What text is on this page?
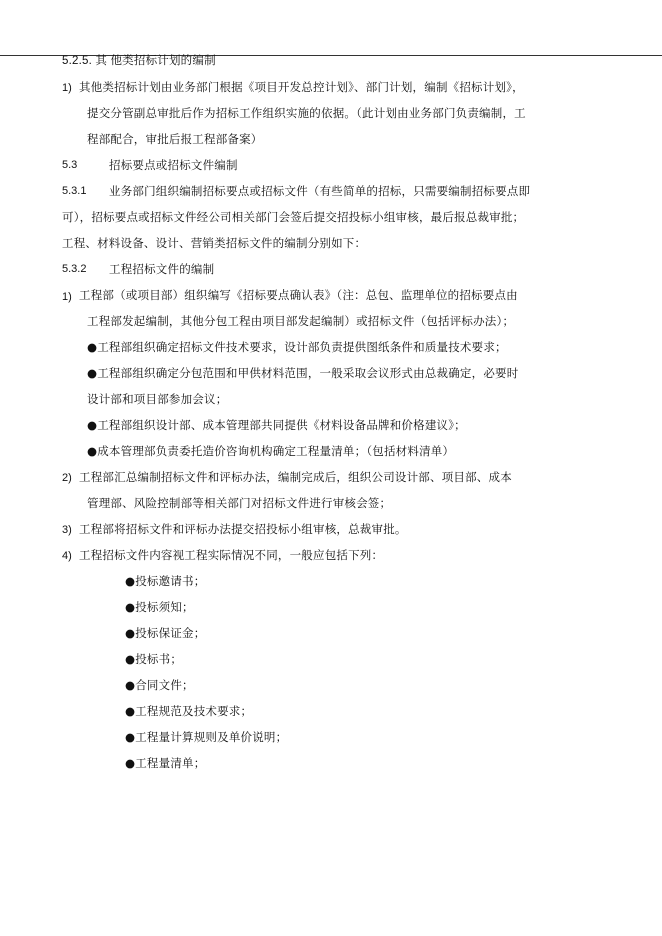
5.2.5. 其 他类招标计划的编制
1) 其他类招标计划由业务部门根据《项目开发总控计划》、部门计划，编制《招标计划》，
提交分管副总审批后作为招标工作组织实施的依据。（此计划由业务部门负责编制，工
程部配合，审批后报工程部备案）
5.3	招标要点或招标文件编制
5.3.1 业务部门组织编制招标要点或招标文件（有些简单的招标，只需要编制招标要点即
可），招标要点或招标文件经公司相关部门会签后提交招投标小组审核，最后报总裁审批；
工程、材料设备、设计、营销类招标文件的编制分别如下：
5.3.2 工程招标文件的编制
1) 工程部（或项目部）组织编写《招标要点确认表》（注：总包、监理单位的招标要点由
工程部发起编制，其他分包工程由项目部发起编制）或招标文件（包括评标办法）；
●工程部组织确定招标文件技术要求，设计部负责提供图纸条件和质量技术要求；
●工程部组织确定分包范围和甲供材料范围，一般采取会议形式由总裁确定，必要时
设计部和项目部参加会议；
●工程部组织设计部、成本管理部共同提供《材料设备品牌和价格建议》；
●成本管理部负责委托造价咨询机构确定工程量清单；（包括材料清单）
2) 工程部汇总编制招标文件和评标办法，编制完成后，组织公司设计部、项目部、成本
管理部、风险控制部等相关部门对招标文件进行审核会签；
3) 工程部将招标文件和评标办法提交招投标小组审核，总裁审批。
4) 工程招标文件内容视工程实际情况不同，一般应包括下列：
●投标邀请书；
●投标须知；
●投标保证金；
●投标书；
●合同文件；
●工程规范及技术要求；
●工程量计算规则及单价说明；
●工程量清单；
